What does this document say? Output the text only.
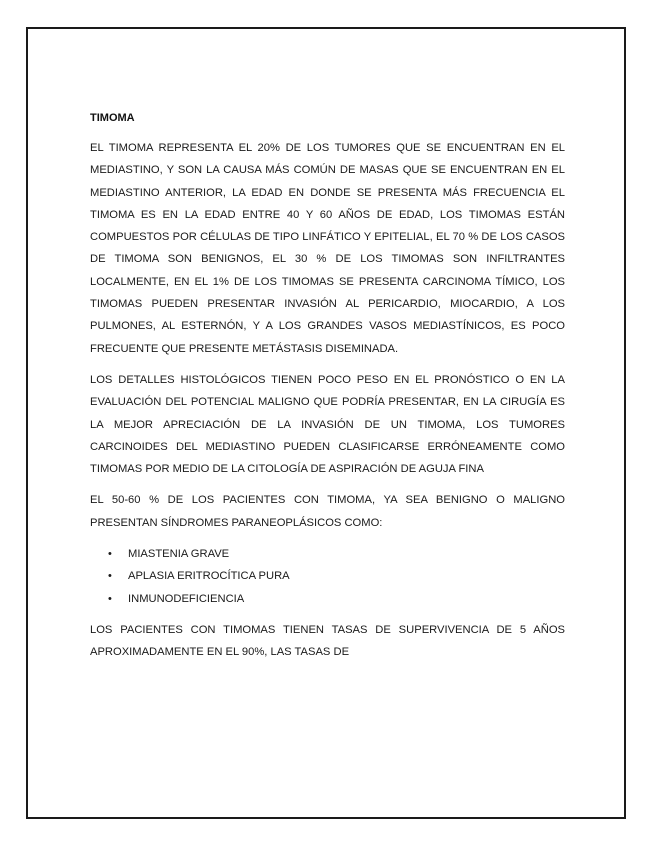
TIMOMA

EL TIMOMA REPRESENTA EL 20% DE LOS TUMORES QUE SE ENCUENTRAN EN EL MEDIASTINO, Y SON LA CAUSA MÁS COMÚN DE MASAS QUE SE ENCUENTRAN EN EL MEDIASTINO ANTERIOR, LA EDAD EN DONDE SE PRESENTA MÁS FRECUENCIA EL TIMOMA ES EN LA EDAD ENTRE 40 Y 60 AÑOS DE EDAD, LOS TIMOMAS ESTÁN COMPUESTOS POR CÉLULAS DE TIPO LINFÁTICO Y EPITELIAL, EL 70 % DE LOS CASOS DE TIMOMA SON BENIGNOS, EL 30 % DE LOS TIMOMAS SON INFILTRANTES LOCALMENTE, EN EL 1% DE LOS TIMOMAS SE PRESENTA CARCINOMA TÍMICO, LOS TIMOMAS PUEDEN PRESENTAR INVASIÓN AL PERICARDIO, MIOCARDIO, A LOS PULMONES, AL ESTERNÓN, Y A LOS GRANDES VASOS MEDIASTÍNICOS, ES POCO FRECUENTE QUE PRESENTE METÁSTASIS DISEMINADA.

LOS DETALLES HISTOLÓGICOS TIENEN POCO PESO EN EL PRONÓSTICO O EN LA EVALUACIÓN DEL POTENCIAL MALIGNO QUE PODRÍA PRESENTAR, EN LA CIRUGÍA ES LA MEJOR APRECIACIÓN DE LA INVASIÓN DE UN TIMOMA, LOS TUMORES CARCINOIDES DEL MEDIASTINO PUEDEN CLASIFICARSE ERRÓNEAMENTE COMO TIMOMAS POR MEDIO DE LA CITOLOGÍA DE ASPIRACIÓN DE AGUJA FINA

EL 50-60 % DE LOS PACIENTES CON TIMOMA, YA SEA BENIGNO O MALIGNO PRESENTAN SÍNDROMES PARANEOPLÁSICOS COMO:

• MIASTENIA GRAVE
• APLASIA ERITROCÍTICA PURA
• INMUNODEFICIENCIA

LOS PACIENTES CON TIMOMAS TIENEN TASAS DE SUPERVIVENCIA DE 5 AÑOS APROXIMADAMENTE EN EL 90%, LAS TASAS DE
